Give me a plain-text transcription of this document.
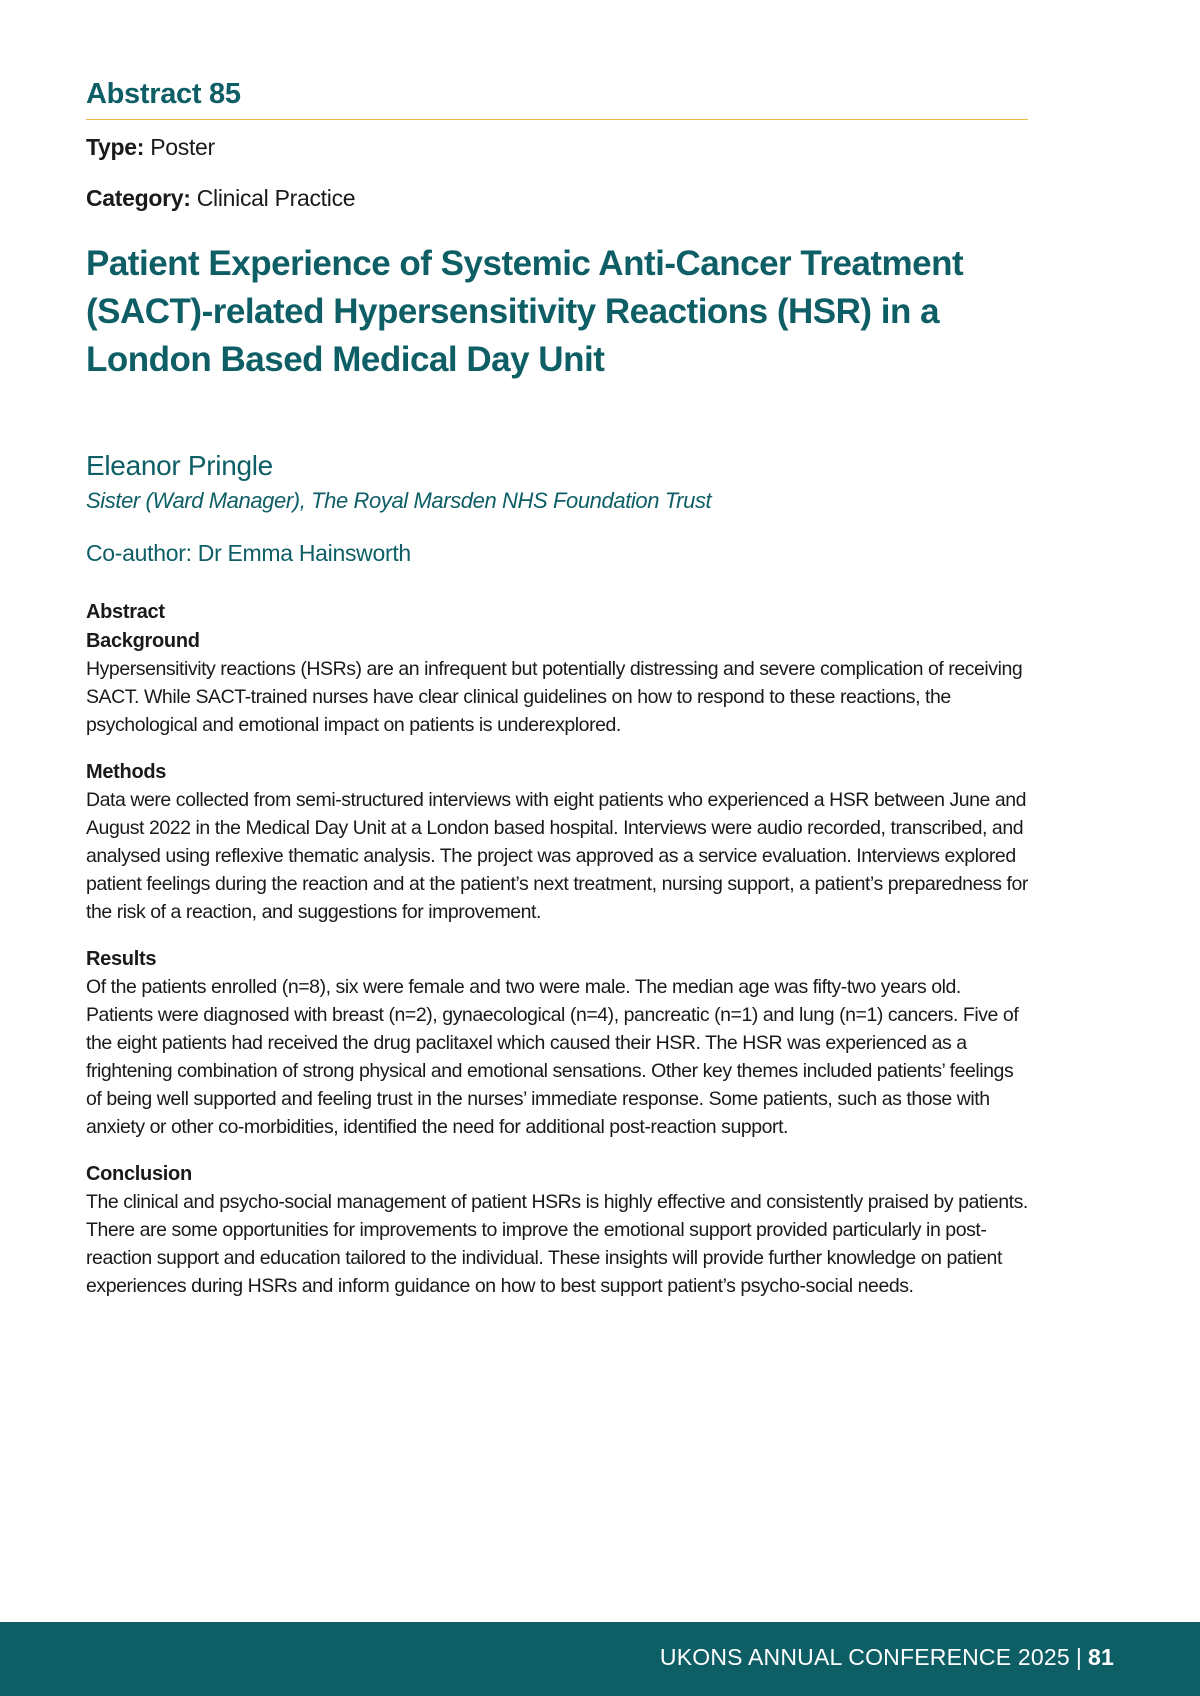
Abstract 85

Type: Poster

Category: Clinical Practice

Patient Experience of Systemic Anti-Cancer Treatment (SACT)-related Hypersensitivity Reactions (HSR) in a London Based Medical Day Unit

Eleanor Pringle

Sister (Ward Manager), The Royal Marsden NHS Foundation Trust

Co-author: Dr Emma Hainsworth

Abstract

Background

Hypersensitivity reactions (HSRs) are an infrequent but potentially distressing and severe complication of receiving SACT. While SACT-trained nurses have clear clinical guidelines on how to respond to these reactions, the psychological and emotional impact on patients is underexplored.

Methods

Data were collected from semi-structured interviews with eight patients who experienced a HSR between June and August 2022 in the Medical Day Unit at a London based hospital. Interviews were audio recorded, transcribed, and analysed using reflexive thematic analysis. The project was approved as a service evaluation. Interviews explored patient feelings during the reaction and at the patient’s next treatment, nursing support, a patient’s preparedness for the risk of a reaction, and suggestions for improvement.

Results

Of the patients enrolled (n=8), six were female and two were male. The median age was fifty-two years old. Patients were diagnosed with breast (n=2), gynaecological (n=4), pancreatic (n=1) and lung (n=1) cancers. Five of the eight patients had received the drug paclitaxel which caused their HSR. The HSR was experienced as a frightening combination of strong physical and emotional sensations. Other key themes included patients’ feelings of being well supported and feeling trust in the nurses’ immediate response. Some patients, such as those with anxiety or other co-morbidities, identified the need for additional post-reaction support.

Conclusion

The clinical and psycho-social management of patient HSRs is highly effective and consistently praised by patients. There are some opportunities for improvements to improve the emotional support provided particularly in post-reaction support and education tailored to the individual. These insights will provide further knowledge on patient experiences during HSRs and inform guidance on how to best support patient’s psycho-social needs.

UKONS ANNUAL CONFERENCE 2025 | 81
